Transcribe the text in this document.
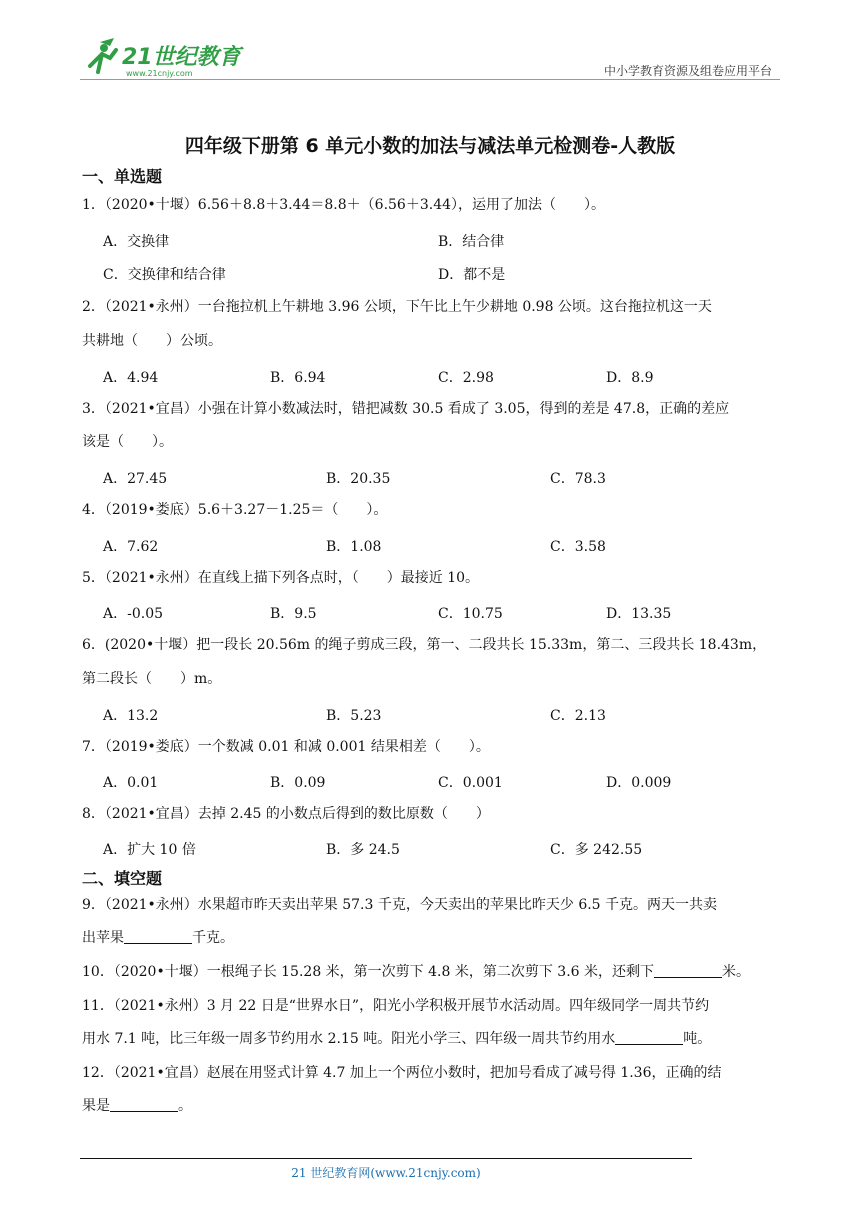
21世纪教育
www.21cnjy.com	中小学教育资源及组卷应用平台
四年级下册第 6 单元小数的加法与减法单元检测卷-人教版
一、单选题
1．（2020•十堰）6.56＋8.8＋3.44＝8.8＋（6.56＋3.44），运用了加法（　　）。
A．交换律	B．结合律
C．交换律和结合律	D．都不是
2．（2021•永州）一台拖拉机上午耕地 3.96 公顷，下午比上午少耕地 0.98 公顷。这台拖拉机这一天
共耕地（　　）公顷。
A．4.94	B．6.94	C．2.98	D．8.9
3．（2021•宜昌）小强在计算小数减法时，错把减数 30.5 看成了 3.05，得到的差是 47.8，正确的差应
该是（　　）。
A．27.45	B．20.35	C．78.3
4．（2019•娄底）5.6＋3.27－1.25＝（　　）。
A．7.62	B．1.08	C．3.58
5．（2021•永州）在直线上描下列各点时，（　　）最接近 10。
A．-0.05	B．9.5	C．10.75	D．13.35
6．(2020•十堰）把一段长 20.56m 的绳子剪成三段，第一、二段共长 15.33m，第二、三段共长 18.43m，
第二段长（　　）m。
A．13.2	B．5.23	C．2.13
7．（2019•娄底）一个数减 0.01 和减 0.001 结果相差（　　）。
A．0.01	B．0.09	C．0.001	D．0.009
8．（2021•宜昌）去掉 2.45 的小数点后得到的数比原数（　　）
A．扩大 10 倍	B．多 24.5	C．多 242.55
二、填空题
9．（2021•永州）水果超市昨天卖出苹果 57.3 千克，今天卖出的苹果比昨天少 6.5 千克。两天一共卖
出苹果	千克。
10．（2020•十堰）一根绳子长 15.28 米，第一次剪下 4.8 米，第二次剪下 3.6 米，还剩下	米。
11．（2021•永州）3 月 22 日是“世界水日”，阳光小学积极开展节水活动周。四年级同学一周共节约
用水 7.1 吨，比三年级一周多节约用水 2.15 吨。阳光小学三、四年级一周共节约用水	吨。
12．（2021•宜昌）赵展在用竖式计算 4.7 加上一个两位小数时，把加号看成了减号得 1.36，正确的结
果是	。
21 世纪教育网(www.21cnjy.com)
